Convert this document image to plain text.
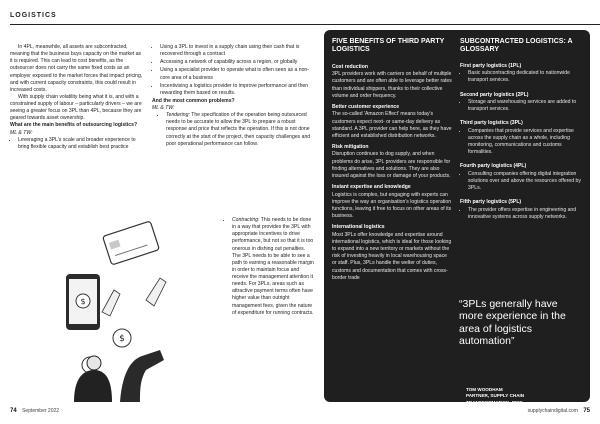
LOGISTICS

In 4PL, meanwhile, all assets are subcontracted, meaning that the business buys capacity on the market as it is required. This can lead to cost benefits, as the outsourcer does not carry the same fixed costs as an employer exposed to the market forces that impact pricing, and with current capacity constraints, this could result in increased costs.

With supply chain volatility being what it is, and with a constrained supply of labour – particularly drivers – we are seeing a greater focus on 3PL than 4PL, because they are geared towards asset ownership.

What are the main benefits of outsourcing logistics?

ML & TW:

• Leveraging a 3PL's scale and broader experience to bring flexible capacity and establish best practice
$
$
• Using a 3PL to invest in a supply chain using their cash that is recovered through a contract
• Accessing a network of capability across a region, or globally
• Using a specialist provider to operate what is often seen as a non-core area of a business
• Incentivising a logistics provider to improve performance and then rewarding them based on results.

And the most common problems?

ML & TW:

• Tendering: The specification of the operation being outsourced needs to be accurate to allow the 3PL to prepare a robust response and price that reflects the operation. If this is not done correctly at the start of the project, then capacity challenges and poor operational performance can follow.
• Contracting: This needs to be done in a way that provides the 3PL with appropriate incentives to drive performance, but not so that it is too onerous in dishing out penalties. The 3PL needs to be able to see a path to earning a reasonable margin in order to maintain focus and receive the management attention it needs. For 3PLs, areas such as attractive payment terms often have higher value than outright management fees, given the nature of expenditure for running contracts.
FIVE BENEFITS OF THIRD PARTY LOGISTICS
Cost reduction
3PL providers work with carriers on behalf of multiple customers and are often able to leverage better rates than individual shippers, thanks to their collective volume and order frequency.
Better customer experience
The so-called 'Amazon Effect' means today's customers expect next- or same-day delivery as standard. A 3PL provider can help here, as they have efficient and established distribution networks.
Risk mitigation
Disruption continues to dog supply, and when problems do arise, 3PL providers are responsible for finding alternatives and solutions. They are also insured against the loss or damage of your products.
Instant expertise and knowledge
Logistics is complex, but engaging with experts can improve the way an organisation's logistics operation functions, leaving it free to focus on other areas of its business.
International logistics
Most 3PLs offer knowledge and expertise around international logistics, which is ideal for those looking to expand into a new territory or markets without the risk of investing heavily in local warehousing space or staff. Plus, 3PLs handle the welter of duties, customs and documentation that comes with cross-border trade
SUBCONTRACTED LOGISTICS: A GLOSSARY
First party logistics (1PL)
• Basic subcontracting dedicated to nationwide transport services.
Second party logistics (2PL)
• Storage and warehousing services are added to transport services.
Third party logistics (3PL)
• Companies that provide services and expertise across the supply chain as a whole, including monitoring, communications and customs formalities.
Fourth party logistics (4PL)
• Consulting companies offering digital integration solutions over and above the resources offered by 3PLs.
Fifth party logistics (5PL)
• The provider offers expertise in engineering and innovative systems across supply networks.
“3PLs generally have more experience in the area of logistics automation”
TOM WOODHAM
PARTNER, SUPPLY CHAIN
TRANSFORMATION, PWC
74 September 2022	supplychaindigital.com 75
